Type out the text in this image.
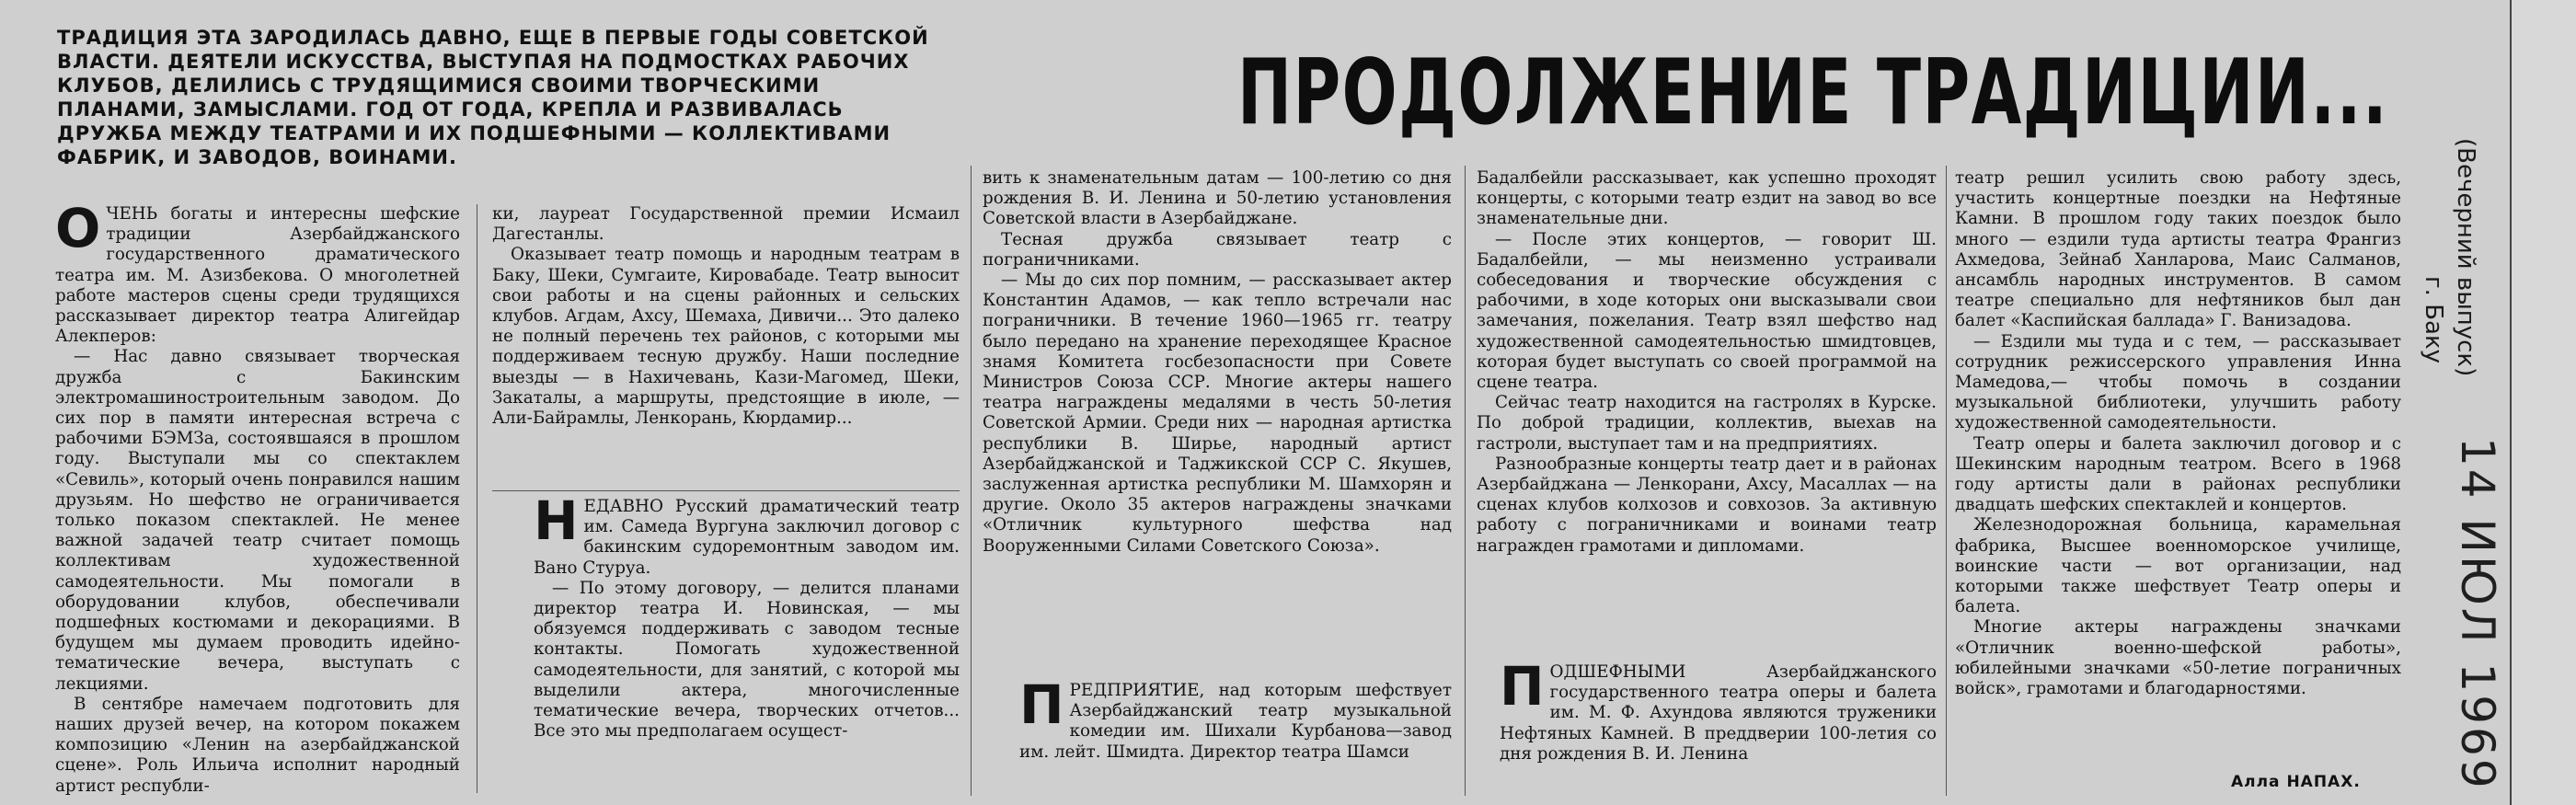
ТРАДИЦИЯ ЭТА ЗАРОДИЛАСЬ ДАВНО, ЕЩЕ В ПЕРВЫЕ ГОДЫ СОВЕТСКОЙ ВЛАСТИ. ДЕЯТЕЛИ ИСКУССТВА, ВЫСТУПАЯ НА ПОДМОСТКАХ РАБОЧИХ КЛУБОВ, ДЕЛИЛИСЬ С ТРУДЯЩИМИСЯ СВОИМИ ТВОРЧЕСКИМИ ПЛАНАМИ, ЗАМЫСЛАМИ. ГОД ОТ ГОДА, КРЕПЛА И РАЗВИВАЛАСЬ ДРУЖБА МЕЖДУ ТЕАТРАМИ И ИХ ПОДШЕФНЫМИ — КОЛЛЕКТИВАМИ ФАБРИК, И ЗАВОДОВ, ВОИНАМИ.
ПРОДОЛЖЕНИЕ ТРАДИЦИИ...
О ЧЕНЬ богаты и интересны шефские традиции Азербайджанского государственного драматического театра им. М. Азизбекова. О многолетней работе мастеров сцены среди трудящихся рассказывает директор театра Алигейдар Алекперов:

— Нас давно связывает творческая дружба с Бакинским электромашиностроительным заводом. До сих пор в памяти интересная встреча с рабочими БЭМЗа, состоявшаяся в прошлом году. Выступали мы со спектаклем «Севиль», который очень понравился нашим друзьям. Но шефство не ограничивается только показом спектаклей. Не менее важной задачей театр считает помощь коллективам художественной самодеятельности. Мы помогали в оборудовании клубов, обеспечивали подшефных костюмами и декорациями. В будущем мы думаем проводить идейно-тематические вечера, выступать с лекциями.

В сентябре намечаем подготовить для наших друзей вечер, на котором покажем композицию «Ленин на азербайджанской сцене». Роль Ильича исполнит народный артист республи-

ки, лауреат Государственной премии Исмаил Дагестанлы.

Оказывает театр помощь и народным театрам в Баку, Шеки, Сумгаите, Кировабаде. Театр выносит свои работы и на сцены районных и сельских клубов. Агдам, Ахсу, Шемаха, Дивичи... Это далеко не полный перечень тех районов, с которыми мы поддерживаем тесную дружбу. Наши последние выезды — в Нахичевань, Кази-Магомед, Шеки, Закаталы, а маршруты, предстоящие в июле, — Али-Байрамлы, Ленкорань, Кюрдамир...

Н ЕДАВНО Русский драматический театр им. Самеда Вургуна заключил договор с бакинским судоремонтным заводом им. Вано Стуруа.

— По этому договору, — делится планами директор театра И. Новинская, — мы обязуемся поддерживать с заводом тесные контакты. Помогать художественной самодеятельности, для занятий, с которой мы выделили актера, многочисленные тематические вечера, творческих отчетов... Все это мы предполагаем осущест-

вить к знаменательным датам — 100-летию со дня рождения В. И. Ленина и 50-летию установления Советской власти в Азербайджане.

Тесная дружба связывает театр с пограничниками.

— Мы до сих пор помним, — рассказывает актер Константин Адамов, — как тепло встречали нас пограничники. В течение 1960—1965 гг. театру было передано на хранение переходящее Красное знамя Комитета госбезопасности при Совете Министров Союза ССР. Многие актеры нашего театра награждены медалями в честь 50-летия Советской Армии. Среди них — народная артистка республики В. Ширье, народный артист Азербайджанской и Таджикской ССР С. Якушев, заслуженная артистка республики М. Шамхорян и другие. Около 35 актеров награждены значками «Отличник культурного шефства над Вооруженными Силами Советского Союза».

П РЕДПРИЯТИЕ, над которым шефствует Азербайджанский театр музыкальной комедии им. Шихали Курбанова—завод им. лейт. Шмидта. Директор театра Шамси

Бадалбейли рассказывает, как успешно проходят концерты, с которыми театр ездит на завод во все знаменательные дни.

— После этих концертов, — говорит Ш. Бадалбейли, — мы неизменно устраивали собеседования и творческие обсуждения с рабочими, в ходе которых они высказывали свои замечания, пожелания. Театр взял шефство над художественной самодеятельностью шмидтовцев, которая будет выступать со своей программой на сцене театра.

Сейчас театр находится на гастролях в Курске. По доброй традиции, коллектив, выехав на гастроли, выступает там и на предприятиях.

Разнообразные концерты театр дает и в районах Азербайджана — Ленкорани, Ахсу, Масаллах — на сценах клубов колхозов и совхозов. За активную работу с пограничниками и воинами театр награжден грамотами и дипломами.

П ОДШЕФНЫМИ Азербайджанского государственного театра оперы и балета им. М. Ф. Ахундова являются труженики Нефтяных Камней. В преддверии 100-летия со дня рождения В. И. Ленина

театр решил усилить свою работу здесь, участить концертные поездки на Нефтяные Камни. В прошлом году таких поездок было много — ездили туда артисты театра Франгиз Ахмедова, Зейнаб Ханларова, Маис Салманов, ансамбль народных инструментов. В самом театре специально для нефтяников был дан балет «Каспийская баллада» Г. Ванизадова.

— Ездили мы туда и с тем, — рассказывает сотрудник режиссерского управления Инна Мамедова,— чтобы помочь в создании музыкальной библиотеки, улучшить работу художественной самодеятельности.

Театр оперы и балета заключил договор и с Шекинским народным театром. Всего в 1968 году артисты дали в районах республики двадцать шефских спектаклей и концертов.

Железнодорожная больница, карамельная фабрика, Высшее военноморское училище, воинские части — вот организации, над которыми также шефствует Театр оперы и балета.

Многие актеры награждены значками «Отличник военно-шефской работы», юбилейными значками «50-летие пограничных войск», грамотами и благодарностями.

Алла НАПАХ.
(Вечерний выпуск)
г. Баку
14 ИЮЛ 1969
